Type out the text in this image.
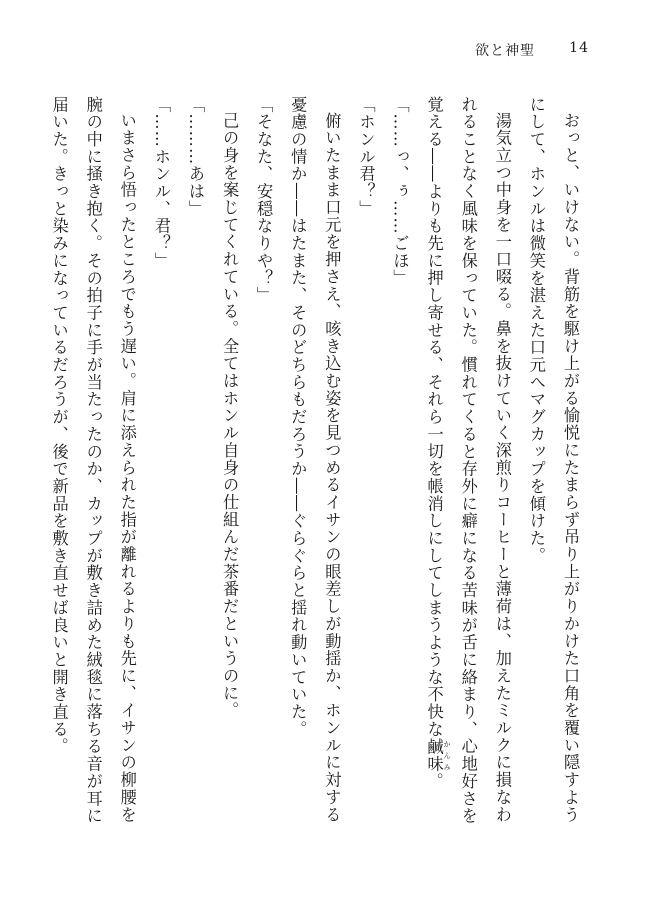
欲と神聖 14

おっと、いけない。背筋を駆け上がる愉悦にたまらず吊り上がりかけた口角を覆い隠すようにして、ホンルは微笑を湛えた口元へマグカップを傾けた。

湯気立つ中身を一口啜る。鼻を抜けていく深煎りコーヒーと薄荷は、加えたミルクに損なわれることなく風味を保っていた。慣れてくると存外に癖になる苦味が舌に絡まり、心地好さを覚える――よりも先に押し寄せる、それら一切を帳消しにしてしまうような不快な鹹味 かんみ。

「……っ、ぅ……ごほ」

「ホンル君？」

俯いたまま口元を押さえ、咳き込む姿を見つめるイサンの眼差しが動揺か、ホンルに対する憂慮の情か――はたまた、そのどちらもだろうか――ぐらぐらと揺れ動いていた。

「そなた、安穏なりや？」

己の身を案じてくれている。全てはホンル自身の仕組んだ茶番だというのに。

「………あは」

「……ホンル、君？」

いまさら悟ったところでもう遅い。肩に添えられた指が離れるよりも先に、イサンの柳腰を腕の中に掻き抱く。その拍子に手が当たったのか、カップが敷き詰めた絨毯に落ちる音が耳に届いた。きっと染みになっているだろうが、後で新品を敷き直せば良いと開き直る。
